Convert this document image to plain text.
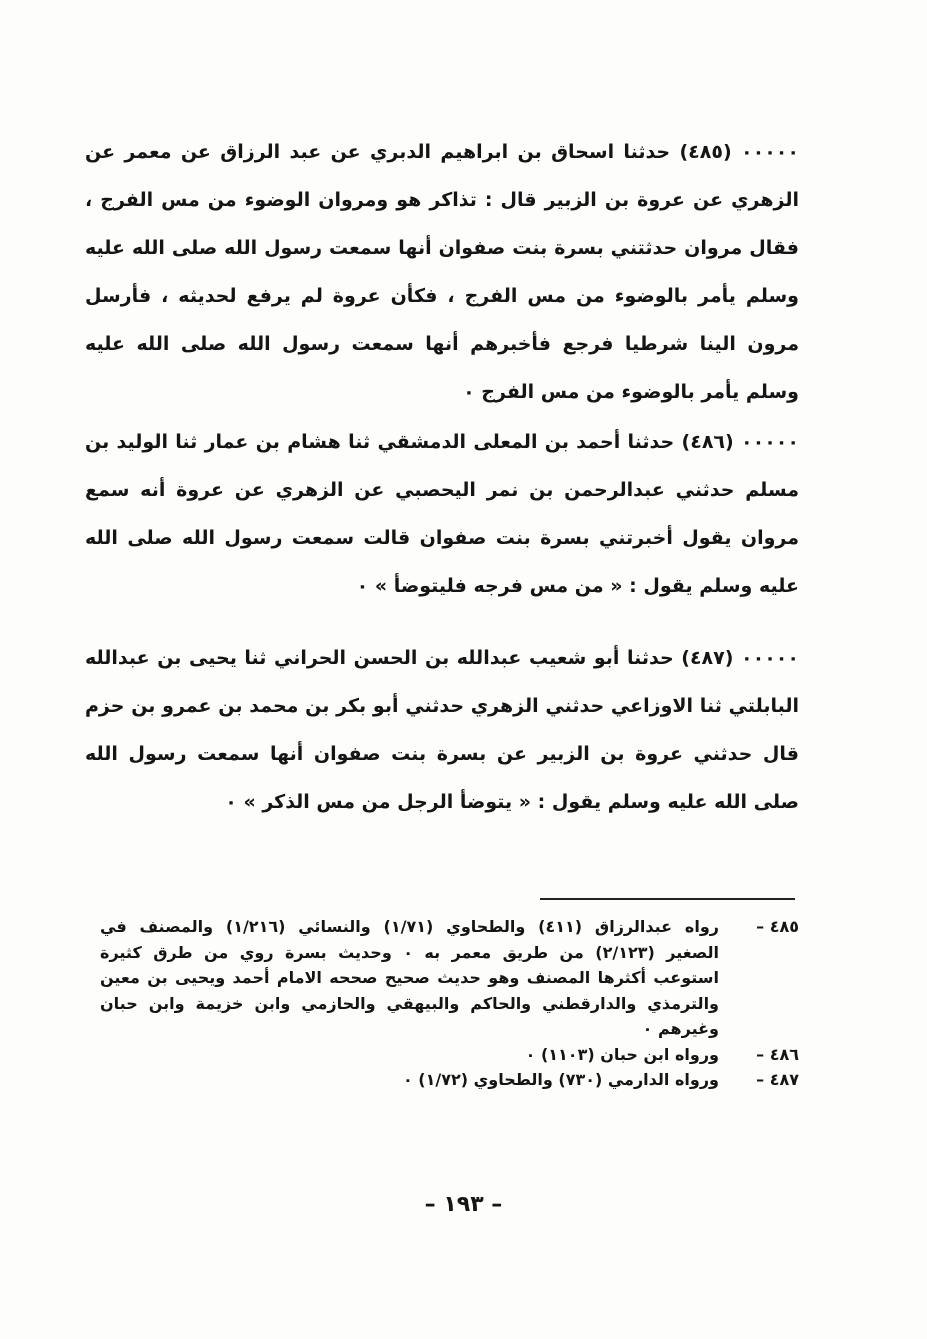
٠٠٠٠٠ (٤٨٥) حدثنا اسحاق بن ابراهيم الدبري عن عبد الرزاق عن معمر عن الزهري عن عروة بن الزبير قال : تذاكر هو ومروان الوضوء من مس الفرج ، فقال مروان حدثتني بسرة بنت صفوان أنها سمعت رسول الله صلى الله عليه وسلم يأمر بالوضوء من مس الفرج ، فكأن عروة لم يرفع لحديثه ، فأرسل مرون الينا شرطيا فرجع فأخبرهم أنها سمعت رسول الله صلى الله عليه وسلم يأمر بالوضوء من مس الفرج ٠

٠٠٠٠٠ (٤٨٦) حدثنا أحمد بن المعلى الدمشقي ثنا هشام بن عمار ثنا الوليد بن مسلم حدثني عبدالرحمن بن نمر اليحصبي عن الزهري عن عروة أنه سمع مروان يقول أخبرتني بسرة بنت صفوان قالت سمعت رسول الله صلى الله عليه وسلم يقول : « من مس فرجه فليتوضأ » ٠

٠٠٠٠٠ (٤٨٧) حدثنا أبو شعيب عبدالله بن الحسن الحراني ثنا يحيى بن عبدالله البابلتي ثنا الاوزاعي حدثني الزهري حدثني أبو بكر بن محمد بن عمرو بن حزم قال حدثني عروة بن الزبير عن بسرة بنت صفوان أنها سمعت رسول الله صلى الله عليه وسلم يقول : « يتوضأ الرجل من مس الذكر » ٠

٤٨٥ –
رواه عبدالرزاق (٤١١) والطحاوي (١/٧١) والنسائي (١/٢١٦) والمصنف في الصغير (٢/١٢٣) من طريق معمر به ٠ وحديث بسرة روي من طرق كثيرة استوعب أكثرها المصنف وهو حديث صحيح صححه الامام أحمد ويحيى بن معين والترمذي والدارقطني والحاكم والبيهقي والحازمي وابن خزيمة وابن حبان وغيرهم ٠
٤٨٦ –
ورواه ابن حبان (١١٠٣) ٠
٤٨٧ –
ورواه الدارمي (٧٣٠) والطحاوي (١/٧٢) ٠
– ١٩٣ –
